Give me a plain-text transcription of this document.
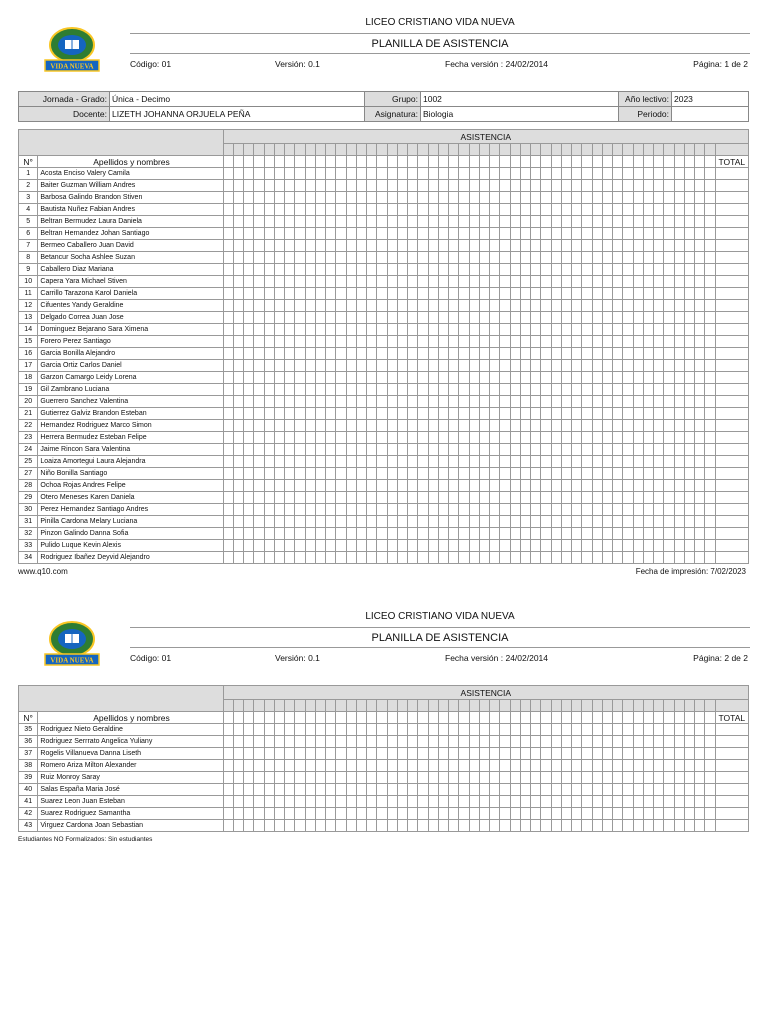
VIDA NUEVA
LICEO CRISTIANO VIDA NUEVA
PLANILLA DE ASISTENCIA
Código: 01	Versión: 0.1	Fecha versión : 24/02/2014	Página: 1 de 2
Jornada - Grado:	Única - Decimo	Grupo:	1002	Año lectivo:	2023
Docente:	LIZETH JOHANNA ORJUELA PEÑA	Asignatura:	Biologia	Periodo:	
		ASISTENCIA																																																

N°	Apellidos y nombres																																																	TOTAL
1	Acosta Enciso Valery Camila																																																	
2	Baiter Guzman William Andres																																																	
3	Barbosa Galindo Brandon Stiven																																																	
4	Bautista Nuñez Fabian Andres																																																	
5	Beltran Bermudez Laura Daniela																																																	
6	Beltran Hernandez Johan Santiago																																																	
7	Bermeo Caballero Juan David																																																	
8	Betancur Socha Ashlee Suzan																																																	
9	Caballero Diaz Mariana																																																	
10	Capera Yara Michael Stiven																																																	
11	Carrillo Tarazona Karol Daniela																																																	
12	Cifuentes Yandy Geraldine																																																	
13	Delgado Correa Juan Jose																																																	
14	Dominguez Bejarano Sara Ximena																																																	
15	Forero Perez Santiago																																																	
16	Garcia Bonilla Alejandro																																																	
17	Garcia Ortiz Carlos Daniel																																																	
18	Garzon Camargo Leidy Lorena																																																	
19	Gil Zambrano Luciana																																																	
20	Guerrero Sanchez Valentina																																																	
21	Gutierrez Galviz Brandon Esteban																																																	
22	Hernandez Rodriguez Marco Simon																																																	
23	Herrera Bermudez Esteban Felipe																																																	
24	Jaime Rincon Sara Valentina																																																	
25	Loaiza Amortegui Laura Alejandra																																																	
27	Niño Bonilla Santiago																																																	
28	Ochoa Rojas Andres Felipe																																																	
29	Otero Meneses Karen Daniela																																																	
30	Perez Hernandez Santiago Andres																																																	
31	Pinilla Cardona Melary Luciana																																																	
32	Pinzon Galindo Danna Sofia																																																	
33	Pulido Luque Kevin Alexis																																																	
34	Rodriguez Ibañez Deyvid Alejandro																																																	
www.q10.com	Fecha de impresión: 7/02/2023
VIDA NUEVA
LICEO CRISTIANO VIDA NUEVA
PLANILLA DE ASISTENCIA
Código: 01	Versión: 0.1	Fecha versión : 24/02/2014	Página: 2 de 2
		ASISTENCIA																																																

N°	Apellidos y nombres																																																	TOTAL
35	Rodriguez Nieto Geraldine																																																	
36	Rodriguez Serrrato Angelica Yuliany																																																	
37	Rogelis Villanueva Danna Liseth																																																	
38	Romero Ariza Milton Alexander																																																	
39	Ruiz Monroy Saray																																																	
40	Salas España Maria José																																																	
41	Suarez Leon Juan Esteban																																																	
42	Suarez Rodriguez Samantha																																																	
43	Virguez Cardona Joan Sebastian																																																	
Estudiantes NO Formalizados: Sin estudiantes
